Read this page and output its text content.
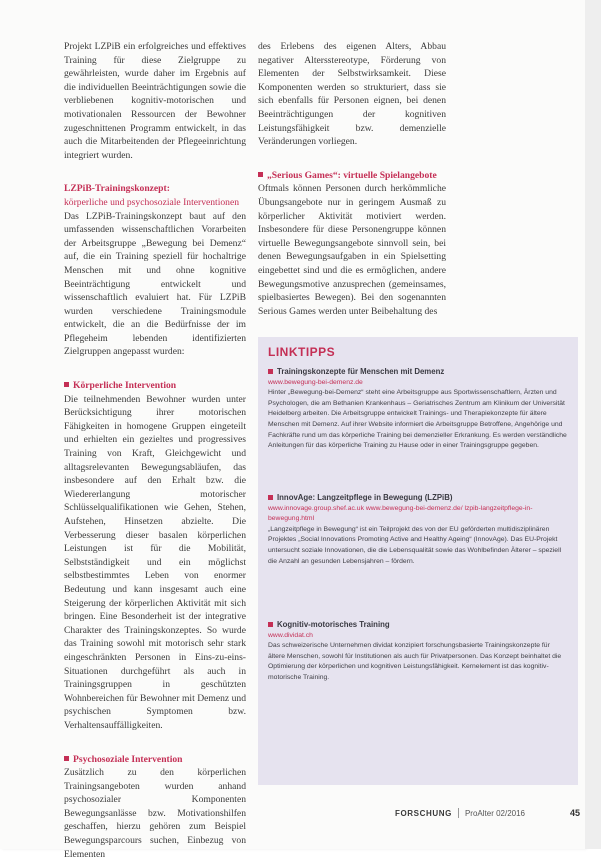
Projekt LZPiB ein erfolgreiches und effektives Training für diese Zielgruppe zu gewährleisten, wurde daher im Ergebnis auf die individuellen Beeinträchtigungen sowie die verbliebenen kognitiv-motorischen und motivationalen Ressourcen der Bewohner zugeschnittenen Programm entwickelt, in das auch die Mitarbeitenden der Pflegeeinrichtung integriert wurden.

LZPiB-Trainingskonzept:

körperliche und psychosoziale Interventionen

Das LZPiB-Trainingskonzept baut auf den umfassenden wissenschaftlichen Vorarbeiten der Arbeitsgruppe „Bewegung bei Demenz“ auf, die ein Training speziell für hochaltrige Menschen mit und ohne kognitive Beeinträchtigung entwickelt und wissenschaftlich evaluiert hat. Für LZPiB wurden verschiedene Trainingsmodule entwickelt, die an die Bedürfnisse der im Pflegeheim lebenden identifizierten Zielgruppen angepasst wurden:

Körperliche Intervention

Die teilnehmenden Bewohner wurden unter Berücksichtigung ihrer motorischen Fähigkeiten in homogene Gruppen eingeteilt und erhielten ein gezieltes und progressives Training von Kraft, Gleichgewicht und alltagsrelevanten Bewegungsabläufen, das insbesondere auf den Erhalt bzw. die Wiedererlangung motorischer Schlüsselqualifikationen wie Gehen, Stehen, Aufstehen, Hinsetzen abzielte. Die Verbesserung dieser basalen körperlichen Leistungen ist für die Mobilität, Selbstständigkeit und ein möglichst selbstbestimmtes Leben von enormer Bedeutung und kann insgesamt auch eine Steigerung der körperlichen Aktivität mit sich bringen. Eine Besonderheit ist der integrative Charakter des Trainingskonzeptes. So wurde das Training sowohl mit motorisch sehr stark eingeschränkten Personen in Eins-zu-eins-Situationen durchgeführt als auch in Trainingsgruppen in geschützten Wohnbereichen für Bewohner mit Demenz und psychischen Symptomen bzw. Verhaltensauffälligkeiten.

Psychosoziale Intervention

Zusätzlich zu den körperlichen Trainingsangeboten wurden anhand psychosozialer Komponenten Bewegungsanlässe bzw. Motivationshilfen geschaffen, hierzu gehören zum Beispiel Bewegungsparcours suchen, Einbezug von Elementen

des Erlebens des eigenen Alters, Abbau negativer Altersstereotype, Förderung von Elementen der Selbstwirksamkeit. Diese Komponenten werden so strukturiert, dass sie sich ebenfalls für Personen eignen, bei denen Beeinträchtigungen der kognitiven Leistungsfähigkeit bzw. demenzielle Veränderungen vorliegen.

„Serious Games“: virtuelle Spielangebote

Oftmals können Personen durch herkömmliche Übungsangebote nur in geringem Ausmaß zu körperlicher Aktivität motiviert werden. Insbesondere für diese Personengruppe können virtuelle Bewegungsangebote sinnvoll sein, bei denen Bewegungsaufgaben in ein Spielsetting eingebettet sind und die es ermöglichen, andere Bewegungsmotive anzusprechen (gemeinsames, spielbasiertes Bewegen). Bei den sogenannten Serious Games werden unter Beibehaltung des

LINKTIPPS
Trainingskonzepte für Menschen mit Demenz
www.bewegung-bei-demenz.de
Hinter „Bewegung-bei-Demenz“ steht eine Arbeitsgruppe aus Sportwissenschaftlern, Ärzten und Psychologen, die am Bethanien Krankenhaus – Geriatrisches Zentrum am Klinikum der Universität Heidelberg arbeiten. Die Arbeitsgruppe entwickelt Trainings- und Therapiekonzepte für ältere Menschen mit Demenz. Auf ihrer Website informiert die Arbeitsgruppe Betroffene, Angehörige und Fachkräfte rund um das körperliche Training bei demenzieller Erkrankung. Es werden verständliche Anleitungen für das körperliche Training zu Hause oder in einer Trainingsgruppe gegeben.
InnovAge: Langzeitpflege in Bewegung (LZPiB)
www.innovage.group.shef.ac.uk www.bewegung-bei-demenz.de/ lzpib-langzeitpflege-in-bewegung.html
„Langzeitpflege in Bewegung“ ist ein Teilprojekt des von der EU geförderten multidisziplinären Projektes „Social Innovations Promoting Active and Healthy Ageing“ (InnovAge). Das EU-Projekt untersucht soziale Innovationen, die die Lebensqualität sowie das Wohlbefinden Älterer – speziell die Anzahl an gesunden Lebensjahren – fördern.
Kognitiv-motorisches Training
www.dividat.ch
Das schweizerische Unternehmen dividat konzipiert forschungsbasierte Trainingskonzepte für ältere Menschen, sowohl für Institutionen als auch für Privatpersonen. Das Konzept beinhaltet die Optimierung der körperlichen und kognitiven Leistungsfähigkeit. Kernelement ist das kognitiv-motorische Training.
FORSCHUNG ProAlter 02/2016	45
